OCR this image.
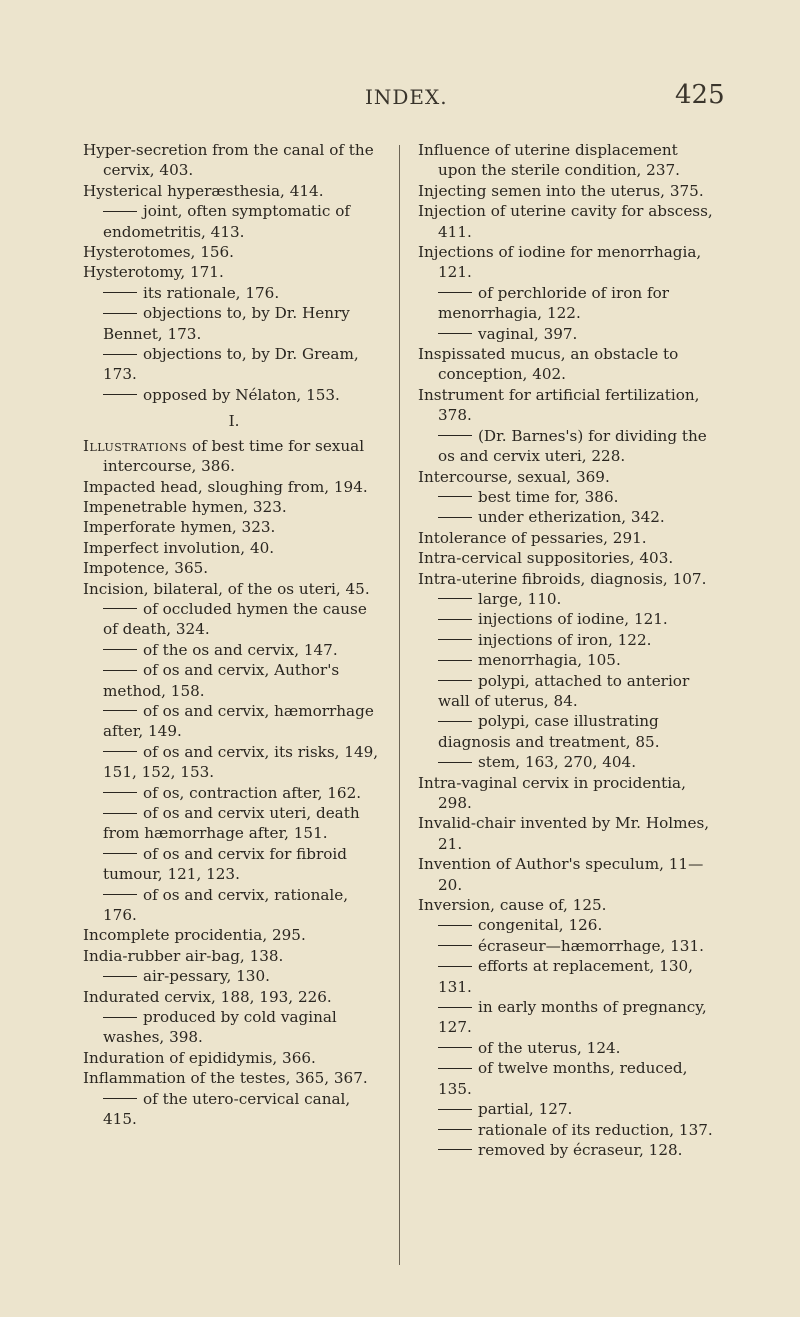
INDEX.	425

Hyper-secretion from the canal of the cervix, 403.

Hysterical hyperæsthesia, 414.

joint, often symptomatic of endometritis, 413.

Hysterotomes, 156.

Hysterotomy, 171.

its rationale, 176.

objections to, by Dr. Henry Bennet, 173.

objections to, by Dr. Gream, 173.

opposed by Nélaton, 153.

I.

Illustrations of best time for sexual intercourse, 386.

Impacted head, sloughing from, 194.

Impenetrable hymen, 323.

Imperforate hymen, 323.

Imperfect involution, 40.

Impotence, 365.

Incision, bilateral, of the os uteri, 45.

of occluded hymen the cause of death, 324.

of the os and cervix, 147.

of os and cervix, Author's method, 158.

of os and cervix, hæmorrhage after, 149.

of os and cervix, its risks, 149, 151, 152, 153.

of os, contraction after, 162.

of os and cervix uteri, death from hæmorrhage after, 151.

of os and cervix for fibroid tumour, 121, 123.

of os and cervix, rationale, 176.

Incomplete procidentia, 295.

India-rubber air-bag, 138.

air-pessary, 130.

Indurated cervix, 188, 193, 226.

produced by cold vaginal washes, 398.

Induration of epididymis, 366.

Inflammation of the testes, 365, 367.

of the utero-cervical canal, 415.

Influence of uterine displacement upon the sterile condition, 237.

Injecting semen into the uterus, 375.

Injection of uterine cavity for abscess, 411.

Injections of iodine for menorrhagia, 121.

of perchloride of iron for menorrhagia, 122.

vaginal, 397.

Inspissated mucus, an obstacle to conception, 402.

Instrument for artificial fertilization, 378.

(Dr. Barnes's) for dividing the os and cervix uteri, 228.

Intercourse, sexual, 369.

best time for, 386.

under etherization, 342.

Intolerance of pessaries, 291.

Intra-cervical suppositories, 403.

Intra-uterine fibroids, diagnosis, 107.

large, 110.

injections of iodine, 121.

injections of iron, 122.

menorrhagia, 105.

polypi, attached to anterior wall of uterus, 84.

polypi, case illustrating diagnosis and treatment, 85.

stem, 163, 270, 404.

Intra-vaginal cervix in procidentia, 298.

Invalid-chair invented by Mr. Holmes, 21.

Invention of Author's speculum, 11—20.

Inversion, cause of, 125.

congenital, 126.

écraseur—hæmorrhage, 131.

efforts at replacement, 130, 131.

in early months of pregnancy, 127.

of the uterus, 124.

of twelve months, reduced, 135.

partial, 127.

rationale of its reduction, 137.

removed by écraseur, 128.
